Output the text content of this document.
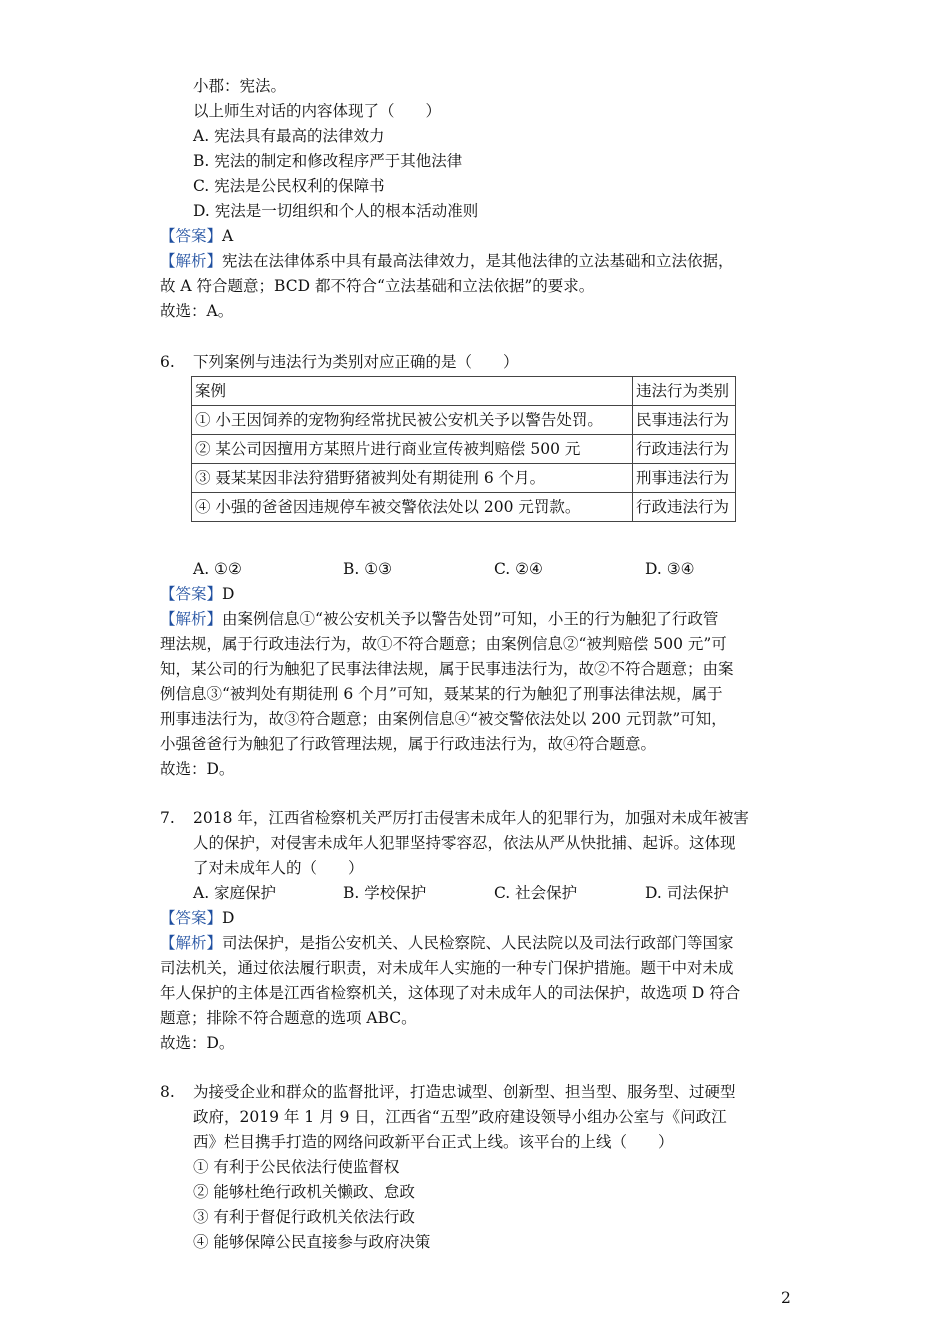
小郡：宪法。
以上师生对话的内容体现了（　　）
A. 宪法具有最高的法律效力
B. 宪法的制定和修改程序严于其他法律
C. 宪法是公民权利的保障书
D. 宪法是一切组织和个人的根本活动准则
【答案】A
【解析】宪法在法律体系中具有最高法律效力，是其他法律的立法基础和立法依据，
故 A 符合题意；BCD 都不符合“立法基础和立法依据”的要求。
故选：A。
6. 下列案例与违法行为类别对应正确的是（　　）
案例	违法行为类别
① 小王因饲养的宠物狗经常扰民被公安机关予以警告处罚。	民事违法行为
② 某公司因擅用方某照片进行商业宣传被判赔偿 500 元	行政违法行为
③ 聂某某因非法狩猎野猪被判处有期徒刑 6 个月。	刑事违法行为
④ 小强的爸爸因违规停车被交警依法处以 200 元罚款。	行政违法行为
A. ①②	B. ①③	C. ②④	D. ③④
【答案】D
【解析】由案例信息①“被公安机关予以警告处罚”可知，小王的行为触犯了行政管
理法规，属于行政违法行为，故①不符合题意；由案例信息②“被判赔偿 500 元”可
知，某公司的行为触犯了民事法律法规，属于民事违法行为，故②不符合题意；由案
例信息③“被判处有期徒刑 6 个月”可知，聂某某的行为触犯了刑事法律法规，属于
刑事违法行为，故③符合题意；由案例信息④“被交警依法处以 200 元罚款”可知，
小强爸爸行为触犯了行政管理法规，属于行政违法行为，故④符合题意。
故选：D。
7. 2018 年，江西省检察机关严厉打击侵害未成年人的犯罪行为，加强对未成年被害
人的保护，对侵害未成年人犯罪坚持零容忍，依法从严从快批捕、起诉。这体现
了对未成年人的（　　）
A. 家庭保护	B. 学校保护	C. 社会保护	D. 司法保护
【答案】D
【解析】司法保护，是指公安机关、人民检察院、人民法院以及司法行政部门等国家
司法机关，通过依法履行职责，对未成年人实施的一种专门保护措施。题干中对未成
年人保护的主体是江西省检察机关，这体现了对未成年人的司法保护，故选项 D 符合
题意；排除不符合题意的选项 ABC。
故选：D。
8. 为接受企业和群众的监督批评，打造忠诚型、创新型、担当型、服务型、过硬型
政府，2019 年 1 月 9 日，江西省“五型”政府建设领导小组办公室与《问政江
西》栏目携手打造的网络问政新平台正式上线。该平台的上线（　　）
① 有利于公民依法行使监督权
② 能够杜绝行政机关懒政、怠政
③ 有利于督促行政机关依法行政
④ 能够保障公民直接参与政府决策
2
